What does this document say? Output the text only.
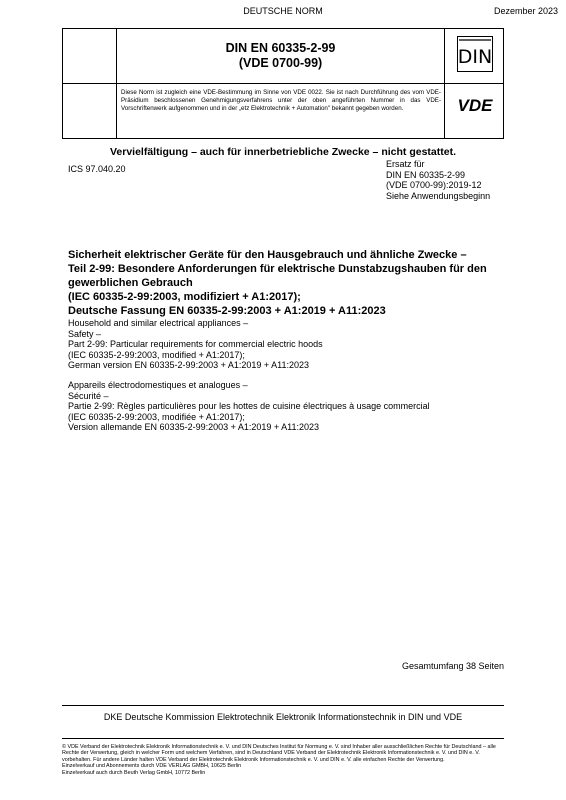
DEUTSCHE NORM	Dezember 2023
DIN EN 60335-2-99
(VDE 0700-99)
Diese Norm ist zugleich eine VDE-Bestimmung im Sinne von VDE 0022. Sie ist nach Durchführung des vom VDE-Präsidium beschlossenen Genehmigungsverfahrens unter der oben angeführten Nummer in das VDE-Vorschriftenwerk aufgenommen und in der „etz Elektrotechnik + Automation" bekannt gegeben worden.
DIN
VDE
Vervielfältigung – auch für innerbetriebliche Zwecke – nicht gestattet.
ICS 97.040.20	Ersatz für
DIN EN 60335-2-99
(VDE 0700-99):2019-12
Siehe Anwendungsbeginn
Sicherheit elektrischer Geräte für den Hausgebrauch und ähnliche Zwecke –
Teil 2-99: Besondere Anforderungen für elektrische Dunstabzugshauben für den
gewerblichen Gebrauch
(IEC 60335-2-99:2003, modifiziert + A1:2017);
Deutsche Fassung EN 60335-2-99:2003 + A1:2019 + A11:2023
Household and similar electrical appliances –
Safety –
Part 2-99: Particular requirements for commercial electric hoods
(IEC 60335-2-99:2003, modified + A1:2017);
German version EN 60335-2-99:2003 + A1:2019 + A11:2023
Appareils électrodomestiques et analogues –
Sécurité –
Partie 2-99: Règles particulières pour les hottes de cuisine électriques à usage commercial
(IEC 60335-2-99:2003, modifiée + A1:2017);
Version allemande EN 60335-2-99:2003 + A1:2019 + A11:2023
Gesamtumfang 38 Seiten
DKE Deutsche Kommission Elektrotechnik Elektronik Informationstechnik in DIN und VDE
© VDE Verband der Elektrotechnik Elektronik Informationstechnik e. V. und DIN Deutsches Institut für Normung e. V. sind Inhaber aller ausschließlichen Rechte für Deutschland – alle Rechte der Verwertung, gleich in welcher Form und welchem Verfahren, sind in Deutschland VDE Verband der Elektrotechnik Elektronik Informationstechnik e. V. und DIN e. V. vorbehalten. Für andere Länder halten VDE Verband der Elektrotechnik Elektronik Informationstechnik e. V. und DIN e. V. alle einfachen Rechte der Verwertung.
Einzelverkauf und Abonnements durch VDE VERLAG GMBH, 10625 Berlin
Einzelverkauf auch durch Beuth Verlag GmbH, 10772 Berlin
